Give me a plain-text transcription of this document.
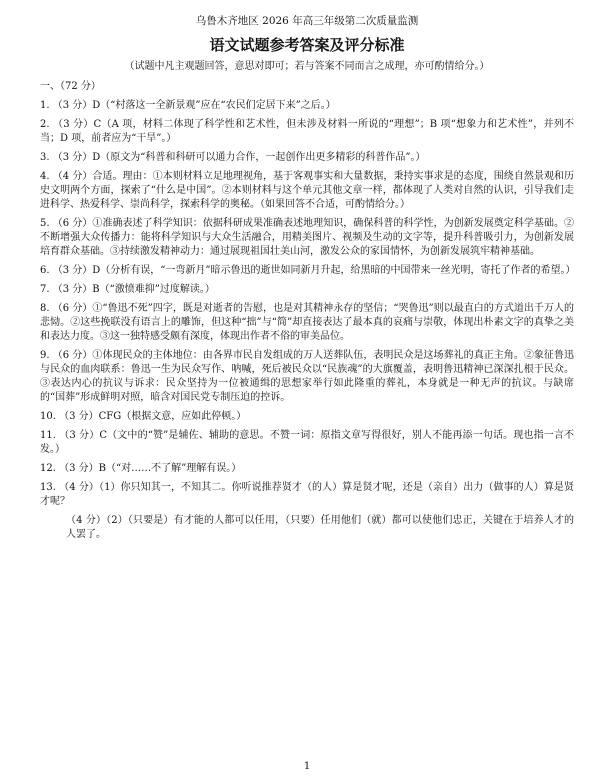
乌鲁木齐地区 2026 年高三年级第二次质量监测

语文试题参考答案及评分标准

（试题中凡主观题回答，意思对即可；若与答案不同而言之成理，亦可酌情给分。）

一、（72 分）

1. （3 分）D（“村落这一全新景观”应在“农民们定居下来”之后。）

2. （3 分）C（A 项，材料二体现了科学性和艺术性，但未涉及材料一所说的“理想”；B 项“想象力和艺术性”，并列不当；D 项，前者应为“干旱”。）

3. （3 分）D（原文为“科普和科研可以通力合作，一起创作出更多精彩的科普作品”。）

4. （4 分）合适。理由：①本则材料立足地理视角，基于客观事实和大量数据，秉持实事求是的态度，围绕自然景观和历史文明两个方面，探索了“什么是中国”。②本则材料与这个单元其他文章一样，都体现了人类对自然的认识，引导我们走进科学、热爱科学、崇尚科学，探索科学的奥秘。（如果回答不合适，可酌情给分。）

5. （6 分）①准确表述了科学知识：依据科研成果准确表述地理知识，确保科普的科学性，为创新发展奠定科学基础。②不断增强大众传播力：能将科学知识与大众生活融合，用精美图片、视频及生动的文字等，提升科普吸引力，为创新发展培育群众基础。③持续激发精神动力：通过展现祖国壮美山河，激发公众的家国情怀，为创新发展筑牢精神基础。

6. （3 分）D（分析有误，“一弯新月”暗示鲁迅的逝世如同新月升起，给黑暗的中国带来一丝光明，寄托了作者的希望。）

7. （3 分）B（“激愤难抑”过度解读。）

8. （6 分）①“鲁迅不死”四字，既是对逝者的告慰，也是对其精神永存的坚信；“哭鲁迅”则以最直白的方式道出千万人的悲恸。②这些挽联没有语言上的雕饰，但这种“拙”与“简”却直接表达了最本真的哀痛与崇敬，体现出朴素文字的真挚之美和表达力度。③这一独特感受颇有深度，体现出作者不俗的审美品位。

9. （6 分）①体现民众的主体地位：由各界市民自发组成的万人送葬队伍，表明民众是这场葬礼的真正主角。②象征鲁迅与民众的血肉联系：鲁迅一生为民众写作、呐喊，死后被民众以“民族魂”的大旗覆盖，表明鲁迅精神已深深扎根于民众。③表达内心的抗议与诉求：民众坚持为一位被通缉的思想家举行如此隆重的葬礼，本身就是一种无声的抗议。与缺席的“国葬”形成鲜明对照，暗含对国民党专制压迫的控诉。

10. （3 分）CFG（根据文意，应如此停顿。）

11. （3 分）C（文中的“赞”是辅佐、辅助的意思。不赞一词：原指文章写得很好，别人不能再添一句话。现也指一言不发。）

12. （3 分）B（“对……不了解”理解有误。）

13. （4 分）（1）你只知其一，不知其二。你听说推荐贤才（的人）算是贤才呢，还是（亲自）出力（做事的人）算是贤才呢？

（4 分）（2）（只要是）有才能的人都可以任用，（只要）任用他们（就）都可以使他们忠正，关键在于培养人才的人罢了。

1
